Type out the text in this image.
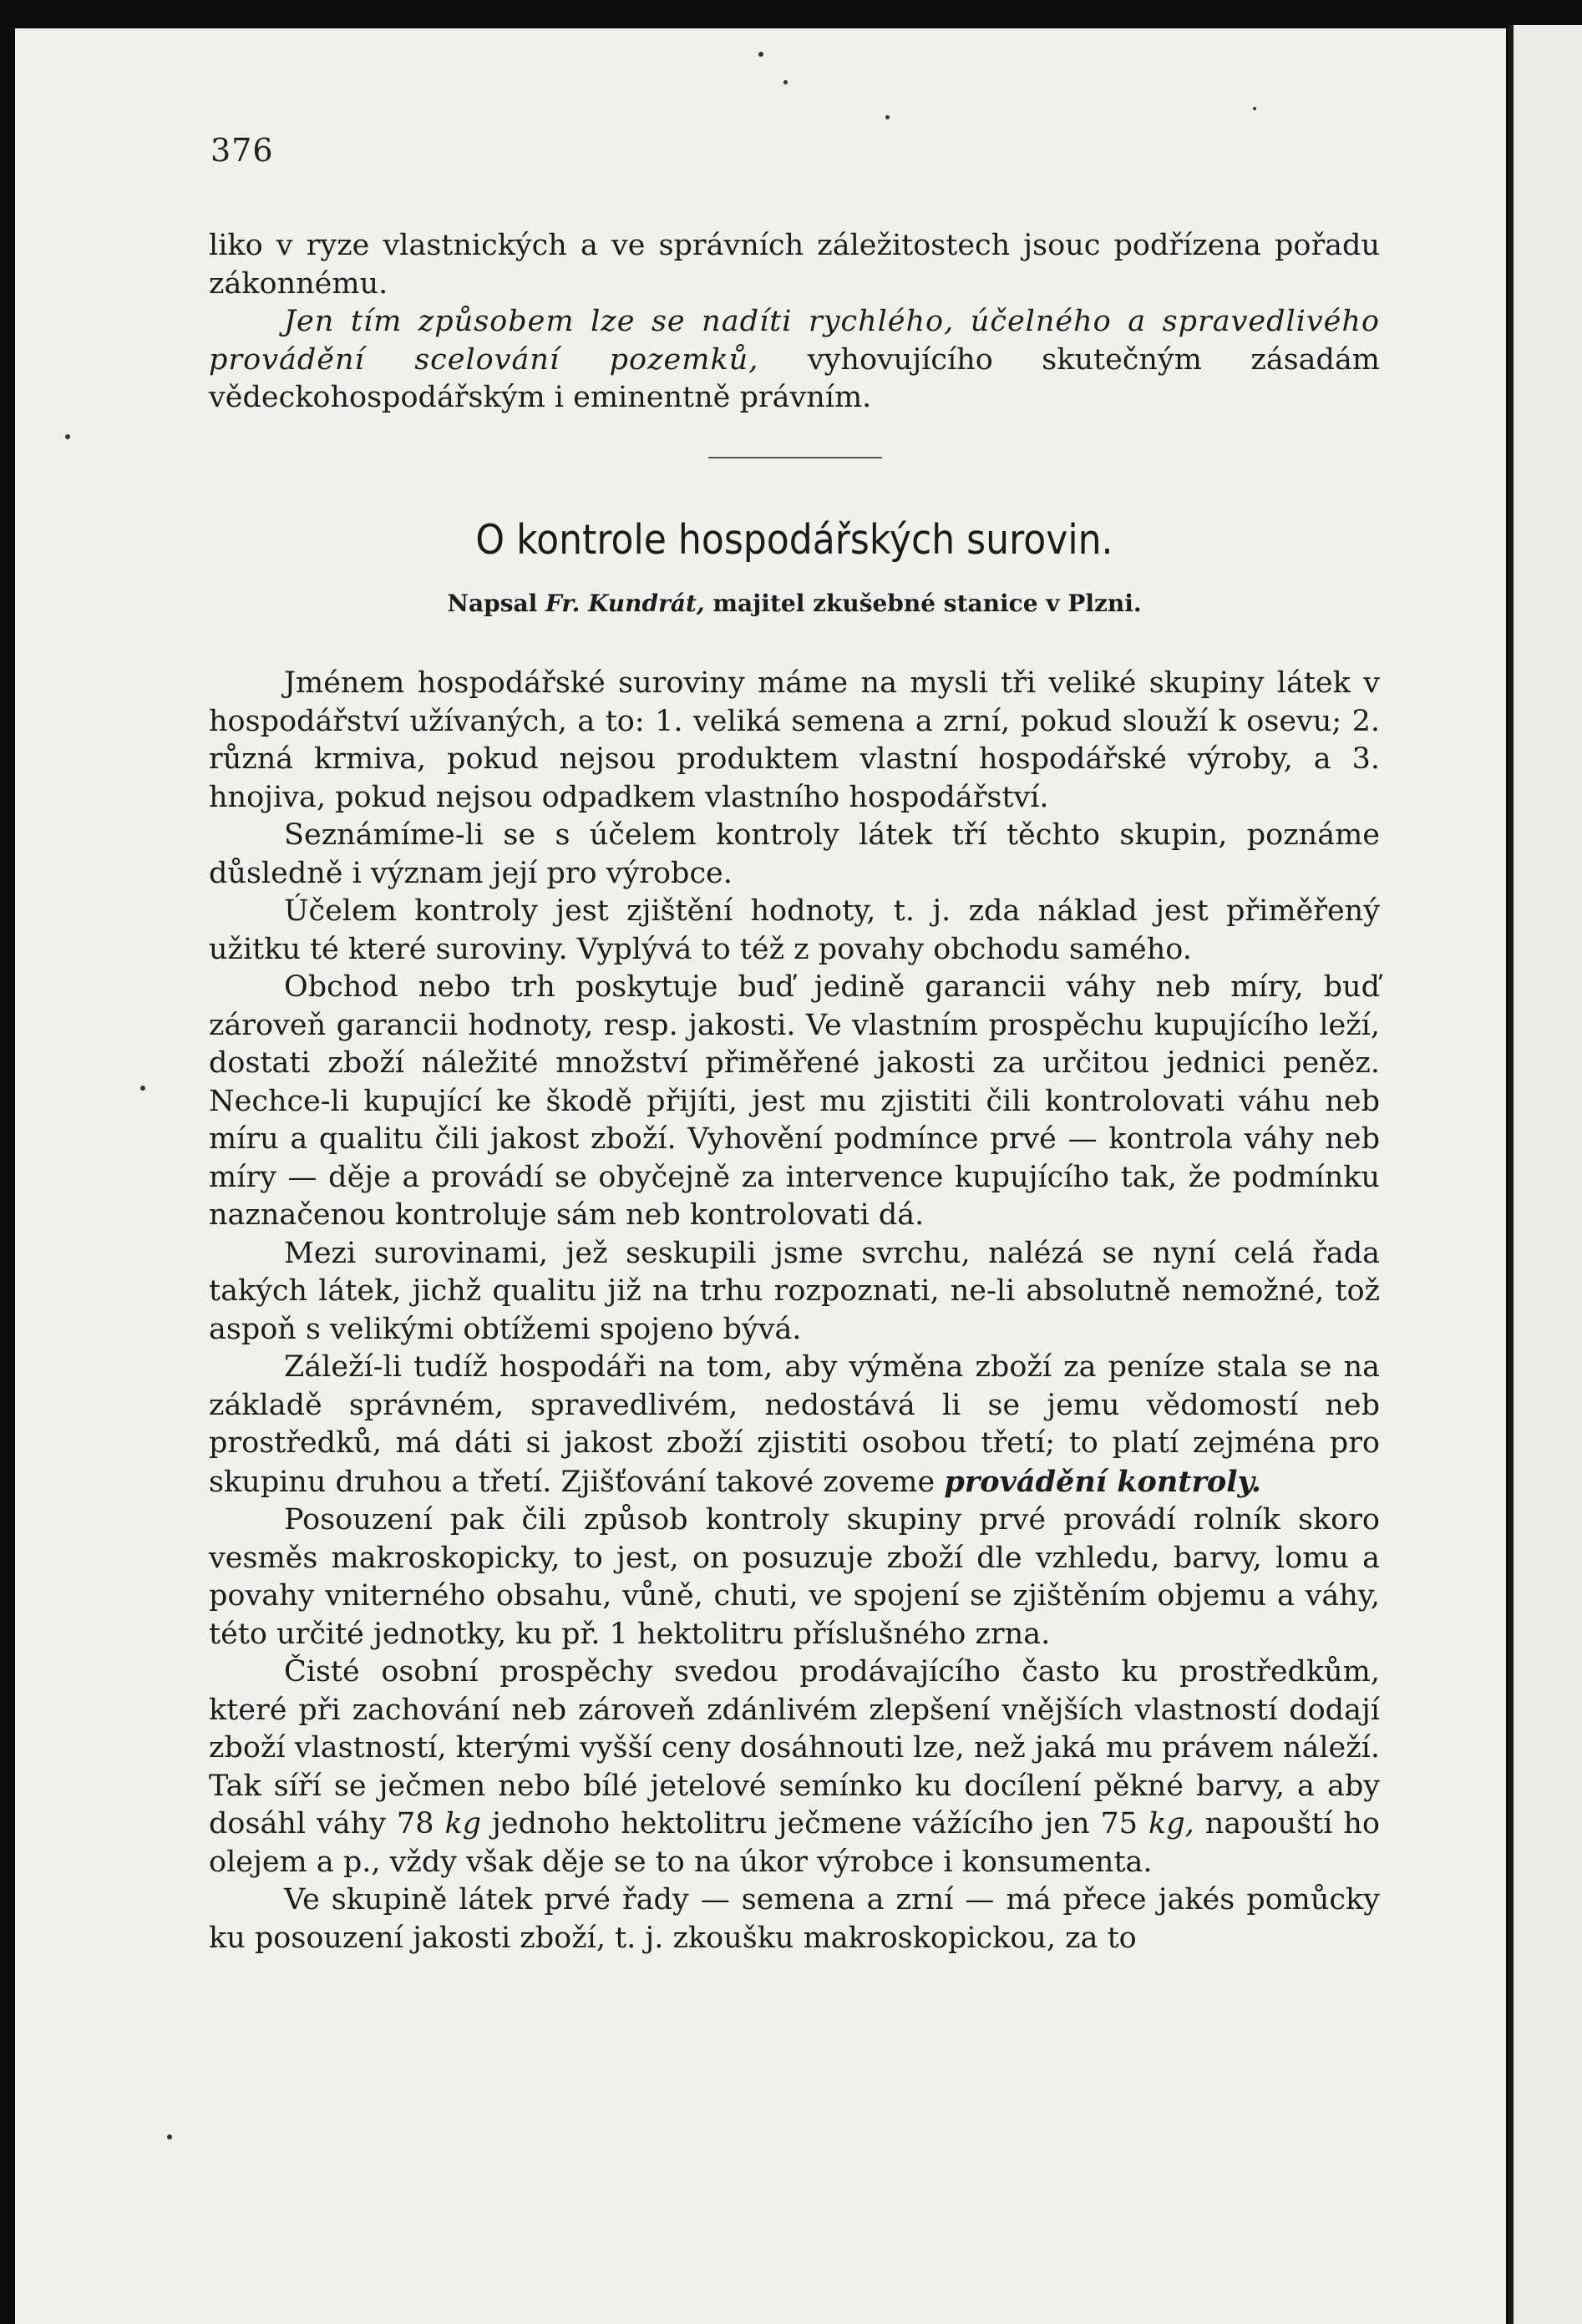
376

liko v ryze vlastnických a ve správních záležitostech jsouc podřízena pořadu zákonnému.

Jen tím způsobem lze se nadíti rychlého, účelného a spravedlivého provádění scelování pozemků, vyhovujícího skutečným zásadám vědeckohospodářským i eminentně právním.

O kontrole hospodářských surovin.
Napsal Fr. Kundrát, majitel zkušebné stanice v Plzni.

Jménem hospodářské suroviny máme na mysli tři veliké skupiny látek v hospodářství užívaných, a to: 1. veliká semena a zrní, pokud slouží k osevu; 2. různá krmiva, pokud nejsou produktem vlastní hospodářské výroby, a 3. hnojiva, pokud nejsou odpadkem vlastního hospodářství.

Seznámíme-li se s účelem kontroly látek tří těchto skupin, poznáme důsledně i význam její pro výrobce.

Účelem kontroly jest zjištění hodnoty, t. j. zda náklad jest přiměřený užitku té které suroviny. Vyplývá to též z povahy obchodu samého.

Obchod nebo trh poskytuje buď jedině garancii váhy neb míry, buď zároveň garancii hodnoty, resp. jakosti. Ve vlastním prospěchu kupujícího leží, dostati zboží náležité množství přiměřené jakosti za určitou jednici peněz. Nechce-li kupující ke škodě přijíti, jest mu zjistiti čili kontrolovati váhu neb míru a qualitu čili jakost zboží. Vyhovění podmínce prvé — kontrola váhy neb míry — děje a provádí se obyčejně za intervence kupujícího tak, že podmínku naznačenou kontroluje sám neb kontrolovati dá.

Mezi surovinami, jež seskupili jsme svrchu, nalézá se nyní celá řada takých látek, jichž qualitu již na trhu rozpoznati, ne-li absolutně nemožné, tož aspoň s velikými obtížemi spojeno bývá.

Záleží-li tudíž hospodáři na tom, aby výměna zboží za peníze stala se na základě správném, spravedlivém, nedostává li se jemu vědomostí neb prostředků, má dáti si jakost zboží zjistiti osobou třetí; to platí zejména pro skupinu druhou a třetí. Zjišťování takové zoveme provádění kontroly.

Posouzení pak čili způsob kontroly skupiny prvé provádí rolník skoro vesměs makroskopicky, to jest, on posuzuje zboží dle vzhledu, barvy, lomu a povahy vniterného obsahu, vůně, chuti, ve spojení se zjištěním objemu a váhy, této určité jednotky, ku př. 1 hektolitru příslušného zrna.

Čisté osobní prospěchy svedou prodávajícího často ku prostředkům, které při zachování neb zároveň zdánlivém zlepšení vnějších vlastností dodají zboží vlastností, kterými vyšší ceny dosáhnouti lze, než jaká mu právem náleží. Tak síří se ječmen nebo bílé jetelové semínko ku docílení pěkné barvy, a aby dosáhl váhy 78 kg jednoho hektolitru ječmene vážícího jen 75 kg, napouští ho olejem a p., vždy však děje se to na úkor výrobce i konsumenta.

Ve skupině látek prvé řady — semena a zrní — má přece jakés pomůcky ku posouzení jakosti zboží, t. j. zkoušku makroskopickou, za to
